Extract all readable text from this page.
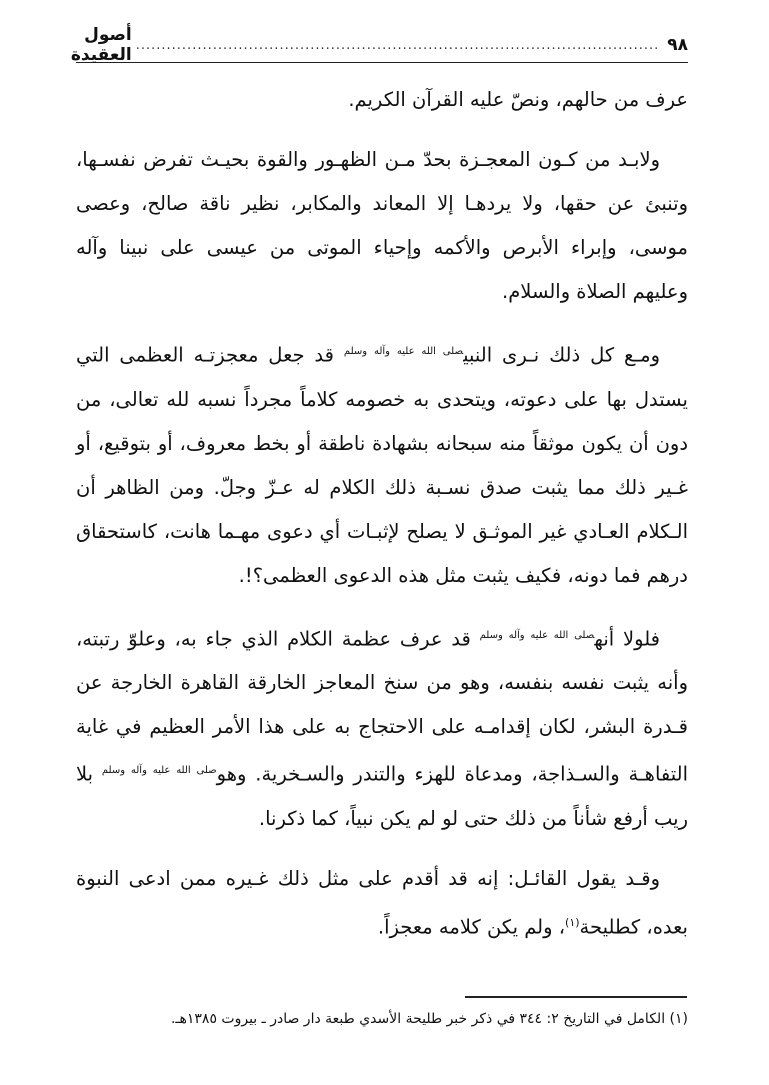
٩٨
......................................................................................................
أصول العقيدة

عرف من حالهم، ونصّ عليه القرآن الكريم.

ولابـد من كـون المعجـزة بحدّ مـن الظهـور والقوة بحيـث تفرض نفسـها، وتنبئ عن حقها، ولا يردهـا إلا المعاند والمكابر، نظير ناقة صالح، وعصى موسى، وإبراء الأبرص والأكمه وإحياء الموتى من عيسى على نبينا وآله وعليهم الصلاة والسلام.

ومـع كل ذلك نـرى النبي$^{صلى الله عليه وآله وسلم}$ قد جعل معجزتـه العظمى التي يستدل بها على دعوته، ويتحدى به خصومه كلاماً مجرداً نسبه لله تعالى، من دون أن يكون موثقاً منه سبحانه بشهادة ناطقة أو بخط معروف، أو بتوقيع، أو غـير ذلك مما يثبت صدق نسـبة ذلك الكلام له عـزّ وجلّ. ومن الظاهر أن الـكلام العـادي غير الموثـق لا يصلح لإثبـات أي دعوى مهـما هانت، كاستحقاق درهم فما دونه، فكيف يثبت مثل هذه الدعوى العظمى؟!.

فلولا أنه$^{صلى الله عليه وآله وسلم}$ قد عرف عظمة الكلام الذي جاء به، وعلوّ رتبته، وأنه يثبت نفسه بنفسه، وهو من سنخ المعاجز الخارقة القاهرة الخارجة عن قـدرة البشر، لكان إقدامـه على الاحتجاج به على هذا الأمر العظيم في غاية التفاهـة والسـذاجة، ومدعاة للهزء والتندر والسـخرية. وهو$^{صلى الله عليه وآله وسلم}$ بلا ريب أرفع شأناً من ذلك حتى لو لم يكن نبياً، كما ذكرنا.

وقـد يقول القائـل: إنه قد أقدم على مثل ذلك غـيره ممن ادعى النبوة بعده، كطليحة$^{(١)}$، ولم يكن كلامه معجزاً.

(١) الكامل في التاريخ ٢: ٣٤٤ في ذكر خبر طليحة الأسدي طبعة دار صادر ـ بيروت ١٣٨٥هـ.
